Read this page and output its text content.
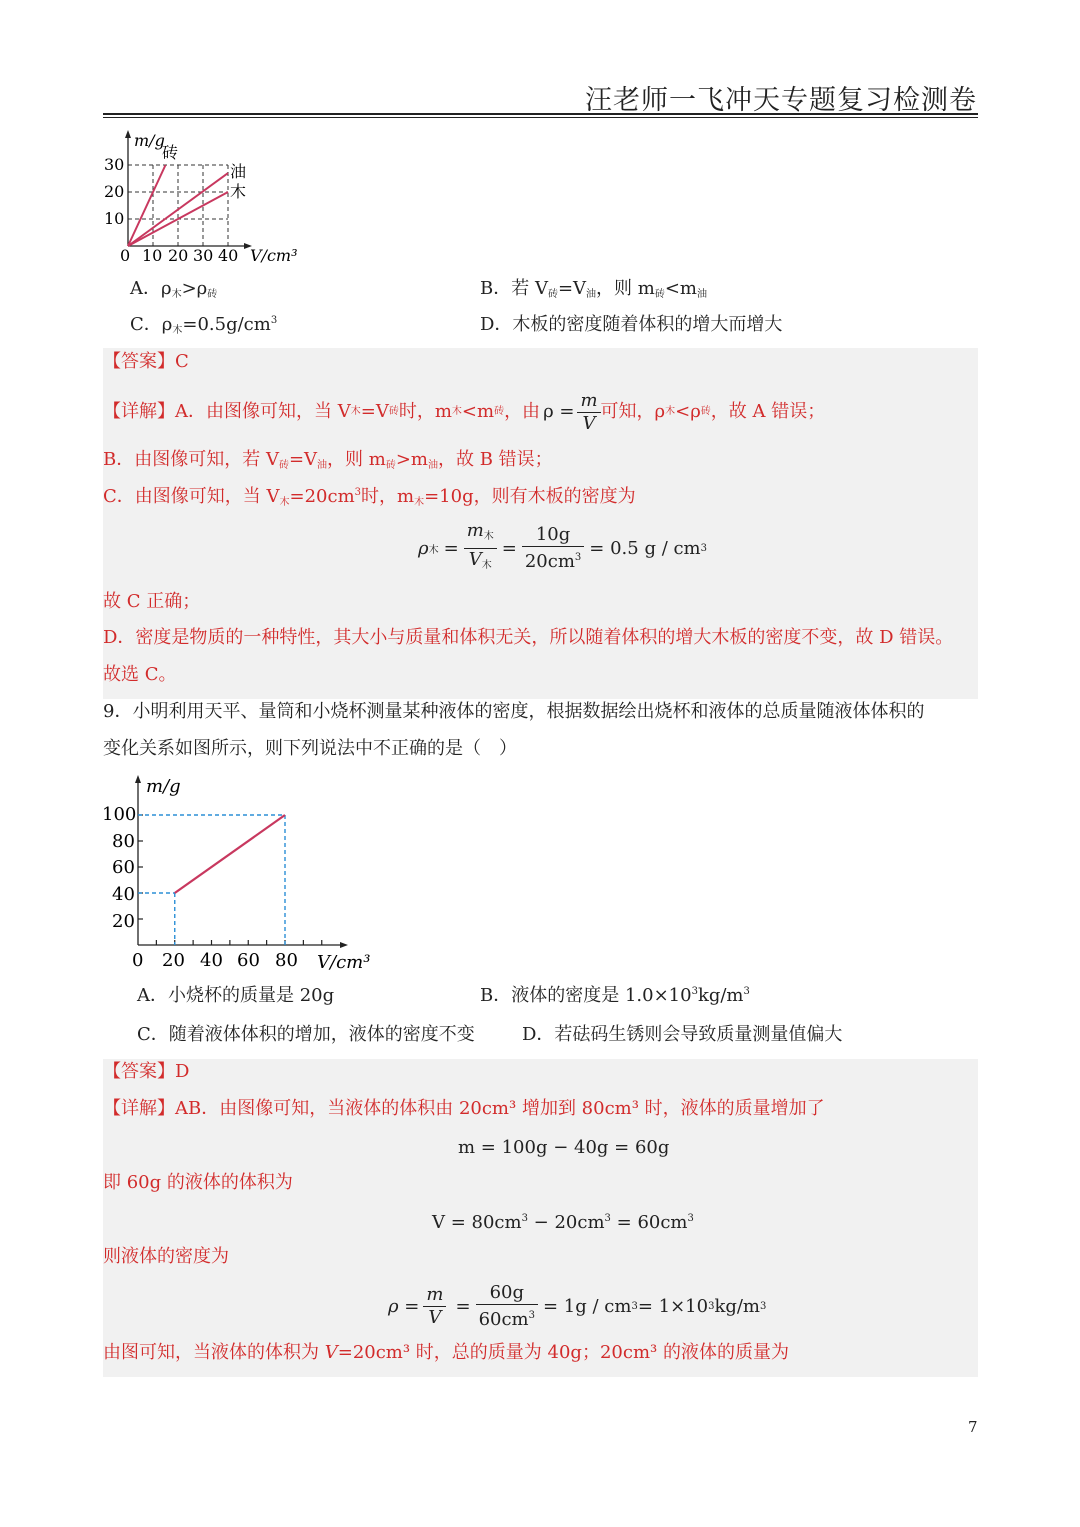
汪老师一飞冲天专题复习检测卷
m/g
30
20
10
0 10 20 30 40 V/cm³
砖
油
木
A．$\rho_木>\rho_砖$	B．若 $V_砖=V_油$，则 $m_砖<m_油$
C．$\rho_木=0.5g/cm^3$	D．木板的密度随着体积的增大而增大
【答案】C
【详解】 A．由图像可知，当 V 木 =V 砖 时，m 木 <m 砖 ，由 $\rho = \frac{m}{V}$ 可知，ρ 木 <ρ 砖 ，故 A 错误；
B．由图像可知，若 $V_砖=V_油$，则 $m_砖>m_油$，故 B 错误；
C．由图像可知，当 $V_木=20cm^3$时，$m_木=10g$，则有木板的密度为
ρ 木 = $\frac{m_木}{V_木} = \frac{10g}{20cm^3} = 0.5$ g / cm 3
故 C 正确；
D．密度是物质的一种特性，其大小与质量和体积无关，所以随着体积的增大木板的密度不变，故 D 错误。
故选 C。
9．小明利用天平、量筒和小烧杯测量某种液体的密度，根据数据绘出烧杯和液体的总质量随液体体积的
变化关系如图所示，则下列说法中不正确的是（　）
m/g
100
80
60
40
20
0 20 40 60 80 V/cm³
A．小烧杯的质量是 20g	B．液体的密度是 $1.0\times 10^3kg/m^3$
C．随着液体体积的增加，液体的密度不变	D．若砝码生锈则会导致质量测量值偏大
【答案】D
【详解】AB．由图像可知，当液体的体积由 20cm³ 增加到 80cm³ 时，液体的质量增加了
m = 100g − 40g = 60g
即 60g 的液体的体积为
$V = 80cm^3 - 20cm^3 = 60cm^3$
则液体的密度为
$\rho = \frac{m}{V} = \frac{60g}{60cm^3} = 1g$ / cm 3 = 1×10 3 kg/m 3
由图可知，当液体的体积为 V=20cm³ 时，总的质量为 40g；20cm³ 的液体的质量为
7
